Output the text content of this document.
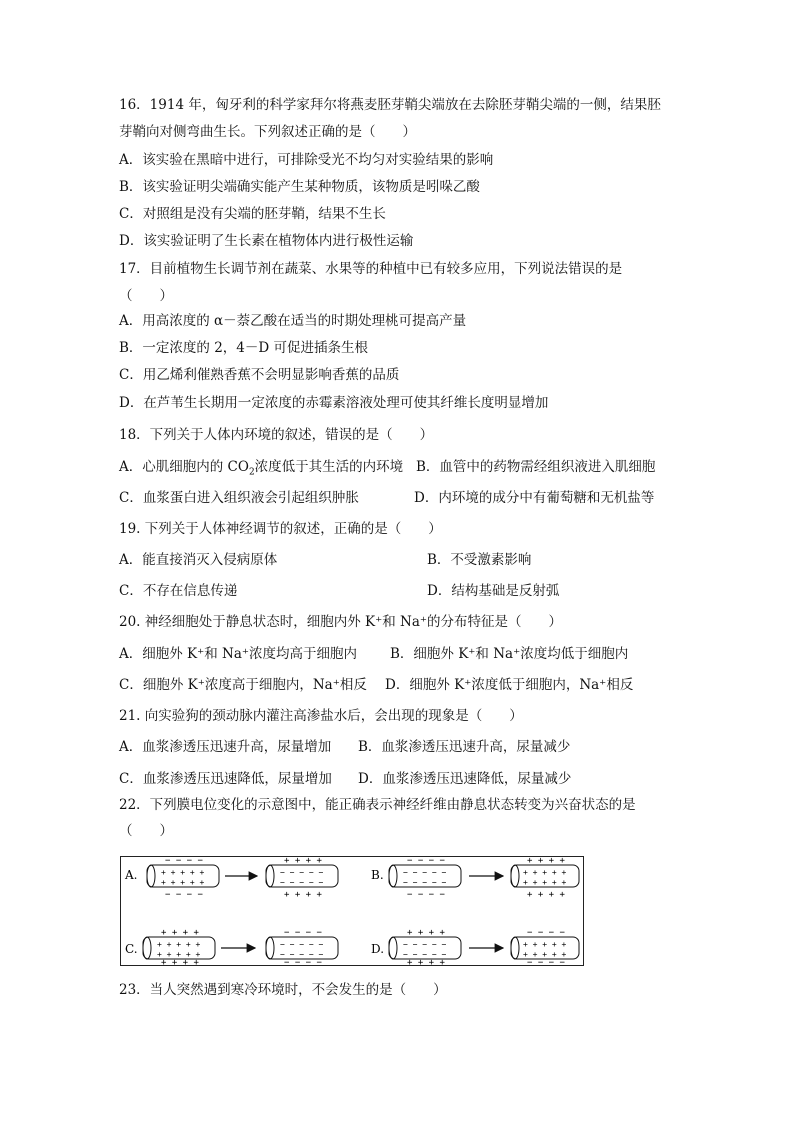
16．1914 年，匈牙利的科学家拜尔将燕麦胚芽鞘尖端放在去除胚芽鞘尖端的一侧，结果胚
芽鞘向对侧弯曲生长。下列叙述正确的是（　　）
A．该实验在黑暗中进行，可排除受光不均匀对实验结果的影响
B．该实验证明尖端确实能产生某种物质，该物质是吲哚乙酸
C．对照组是没有尖端的胚芽鞘，结果不生长
D．该实验证明了生长素在植物体内进行极性运输
17．目前植物生长调节剂在蔬菜、水果等的种植中已有较多应用，下列说法错误的是
（　　）
A．用高浓度的 α－萘乙酸在适当的时期处理桃可提高产量
B．一定浓度的 2，4－D 可促进插条生根
C．用乙烯利催熟香蕉不会明显影响香蕉的品质
D．在芦苇生长期用一定浓度的赤霉素溶液处理可使其纤维长度明显增加
18．下列关于人体内环境的叙述，错误的是（　　）
A．心肌细胞内的 $CO_2$浓度低于其生活的内环境 B．血管中的药物需经组织液进入肌细胞
C．血浆蛋白进入组织液会引起组织肿胀	D．内环境的成分中有葡萄糖和无机盐等
19. 下列关于人体神经调节的叙述，正确的是（　　）
A．能直接消灭入侵病原体	B．不受激素影响
C．不存在信息传递	D．结构基础是反射弧
20. 神经细胞处于静息状态时，细胞内外 K⁺和 Na⁺的分布特征是（　　）
A．细胞外 K⁺和 Na⁺浓度均高于细胞内 B．细胞外 K⁺和 Na⁺浓度均低于细胞内
C．细胞外 K⁺浓度高于细胞内，Na⁺相反 D．细胞外 K⁺浓度低于细胞内，Na⁺相反
21. 向实验狗的颈动脉内灌注高渗盐水后，会出现的现象是（　　）
A．血浆渗透压迅速升高，尿量增加 B．血浆渗透压迅速升高，尿量减少
C．血浆渗透压迅速降低，尿量增加 D．血浆渗透压迅速降低，尿量减少
22．下列膜电位变化的示意图中，能正确表示神经纤维由静息状态转变为兴奋状态的是
（　　）
A.	B.
C.	D.
− − − −
+ + + + +
+ + + + +
− − − −
+ + + +
− − − − −
− − − − −
+ + + +
− − − −
− − − − −
− − − − −
− − − −
+ + + +
+ + + + +
+ + + + +
+ + + +
+ + + +
+ + + + +
+ + + + +
+ + + +
− − − −
− − − − −
− − − − −
− − − −
+ + + +
− − − − −
− − − − −
+ + + +
− − − −
+ + + + +
+ + + + +
− − − −
23．当人突然遇到寒冷环境时，不会发生的是（　　）
